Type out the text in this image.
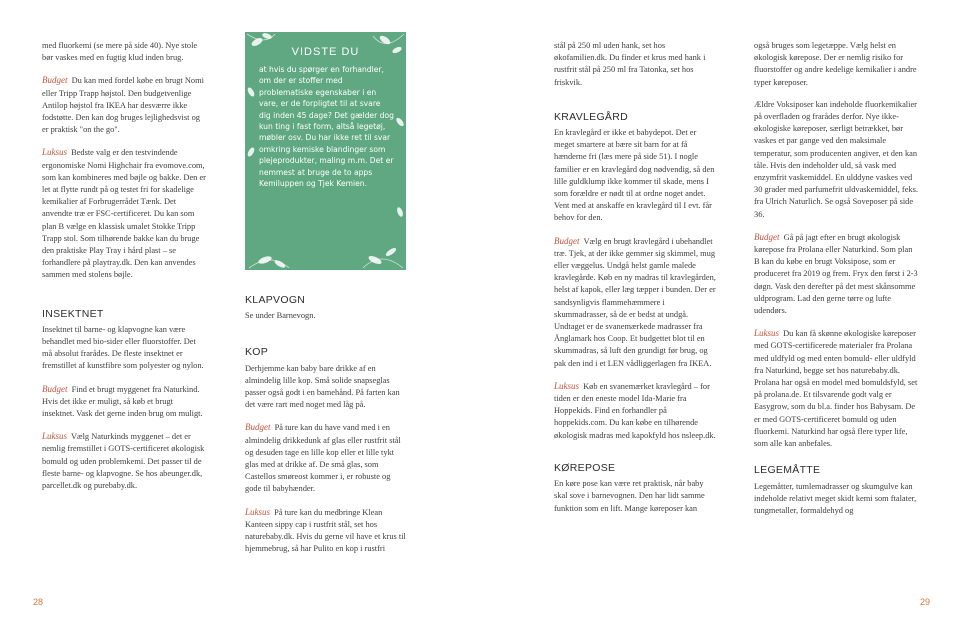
med fluorkemi (se mere på side 40). Nye stole bør vaskes med en fugtig klud inden brug.

Budget Du kan med fordel købe en brugt Nomi eller Tripp Trapp højstol. Den budgetvenlige Antilop højstol fra IKEA har desværre ikke fodstøtte. Den kan dog bruges lejlighedsvist og er praktisk "on the go".

Luksus Bedste valg er den testvindende ergonomiske Nomi Highchair fra evomove.com, som kan kombineres med bøjle og bakke. Den er let at flytte rundt på og testet fri for skadelige kemikalier af Forbrugerrådet Tænk. Det anvendte træ er FSC-certificeret. Du kan som plan B vælge en klassisk umalet Stokke Tripp Trapp stol. Som tilhørende bakke kan du bruge den praktiske Play Tray i hård plast – se forhandlere på playtray.dk. Den kan anvendes sammen med stolens bøjle.

INSEKTNET

Insektnet til barne- og klapvogne kan være behandlet med bio-sider eller fluorstoffer. Det må absolut frarådes. De fleste insektnet er fremstillet af kunstfibre som polyester og nylon.

Budget Find et brugt myggenet fra Naturkind. Hvis det ikke er muligt, så køb et brugt insektnet. Vask det gerne inden brug om muligt.

Luksus Vælg Naturkinds myggenet – det er nemlig fremstillet i GOTS-certificeret økologisk bomuld og uden problemkemi. Det passer til de fleste barne- og klapvogne. Se hos abeunger.dk, parcellet.dk og purebaby.dk.

VIDSTE DU
at hvis du spørger en forhandler, om der er stoffer med problematiske egenskaber i en vare, er de forpligtet til at svare dig inden 45 dage? Det gælder dog kun ting i fast form, altså legetøj, møbler osv. Du har ikke ret til svar omkring kemiske blandinger som plejeprodukter, maling m.m. Det er nemmest at bruge de to apps Kemiluppen og Tjek Kemien.
KLAPVOGN

Se under Barnevogn.

KOP

Derhjemme kan baby bare drikke af en almindelig lille kop. Små solide snapseglas passer også godt i en bamehånd. På farten kan det være rart med noget med låg på.

Budget På ture kan du have vand med i en almindelig drikkedunk af glas eller rustfrit stål og desuden tage en lille kop eller et lille tykt glas med at drikke af. De små glas, som Castellos smøreost kommer i, er robuste og gode til babyhænder.

Luksus På ture kan du medbringe Klean Kanteen sippy cap i rustfrit stål, set hos naturebaby.dk. Hvis du gerne vil have et krus til hjemmebrug, så har Pulito en kop i rustfri

28

stål på 250 ml uden hank, set hos økofamilien.dk. Du finder et krus med hank i rustfrit stål på 250 ml fra Tatonka, set hos friskvik.

KRAVLEGÅRD

En kravlegård er ikke et babydepot. Det er meget smartere at bære sit barn for at få hænderne fri (læs mere på side 51). I nogle familier er en kravlegård dog nødvendig, så den lille guldklump ikke kommer til skade, mens I som forældre er nødt til at ordne noget andet. Vent med at anskaffe en kravlegård til I evt. får behov for den.

Budget Vælg en brugt kravlegård i ubehandlet træ. Tjek, at der ikke gemmer sig skimmel, mug eller væggelus. Undgå helst gamle malede kravlegårde. Køb en ny madras til kravlegården, helst af kapok, eller læg tæpper i bunden. Der er sandsynligvis flammehæmmere i skummadrasser, så de er bedst at undgå. Undtaget er de svanemærkede madrasser fra Ånglamark hos Coop. Et budgettet blot til en skummadras, så luft den grundigt før brug, og pak den ind i et LEN vådliggerlagen fra IKEA.

Luksus Køb en svanemærket kravlegård – for tiden er den eneste model Ida-Marie fra Hoppekids. Find en forhandler på hoppekids.com. Du kan købe en tilhørende økologisk madras med kapokfyld hos nsleep.dk.

KØREPOSE

En køre pose kan være ret praktisk, når baby skal sove i barnevognen. Den har lidt samme funktion som en lift. Mange køreposer kan

også bruges som legetæppe. Vælg helst en økologisk kørepose. Der er nemlig risiko for fluorstoffer og andre kedelige kemikalier i andre typer køreposer.

Ældre Voksiposer kan indeholde fluorkemikalier på overfladen og frarådes derfor. Nye ikke-økologiske køreposer, særligt betrækket, bør vaskes et par gange ved den maksimale temperatur, som producenten angiver, et den kan tåle. Hvis den indeholder uld, så vask med enzymfrit vaskemiddel. En ulddyne vaskes ved 30 grader med parfumefrit uldvaskemiddel, feks. fra Ulrich Naturlich. Se også Soveposer på side 36.

Budget Gå på jagt efter en brugt økologisk kørepose fra Prolana eller Naturkind. Som plan B kan du købe en brugt Voksipose, som er produceret fra 2019 og frem. Fryx den først i 2-3 døgn. Vask den derefter på det mest skånsomme uldprogram. Lad den gerne tørre og lufte udendørs.

Luksus Du kan få skønne økologiske køreposer med GOTS-certificerede materialer fra Prolana med uldfyld og med enten bomuld- eller uldfyld fra Naturkind, begge set hos naturebaby.dk. Prolana har også en model med bomuldsfyld, set på prolana.de. Et tilsvarende godt valg er Easygrow, som du bl.a. finder hos Babysam. De er med GOTS-certificeret bomuld og uden fluorkemi. Naturkind har også flere typer life, som alle kan anbefales.

LEGEMÅTTE

Legemåtter, tumlemadrasser og skumgulve kan indeholde relativt meget skidt kemi som ftalater, tungmetaller, formaldehyd og

29
